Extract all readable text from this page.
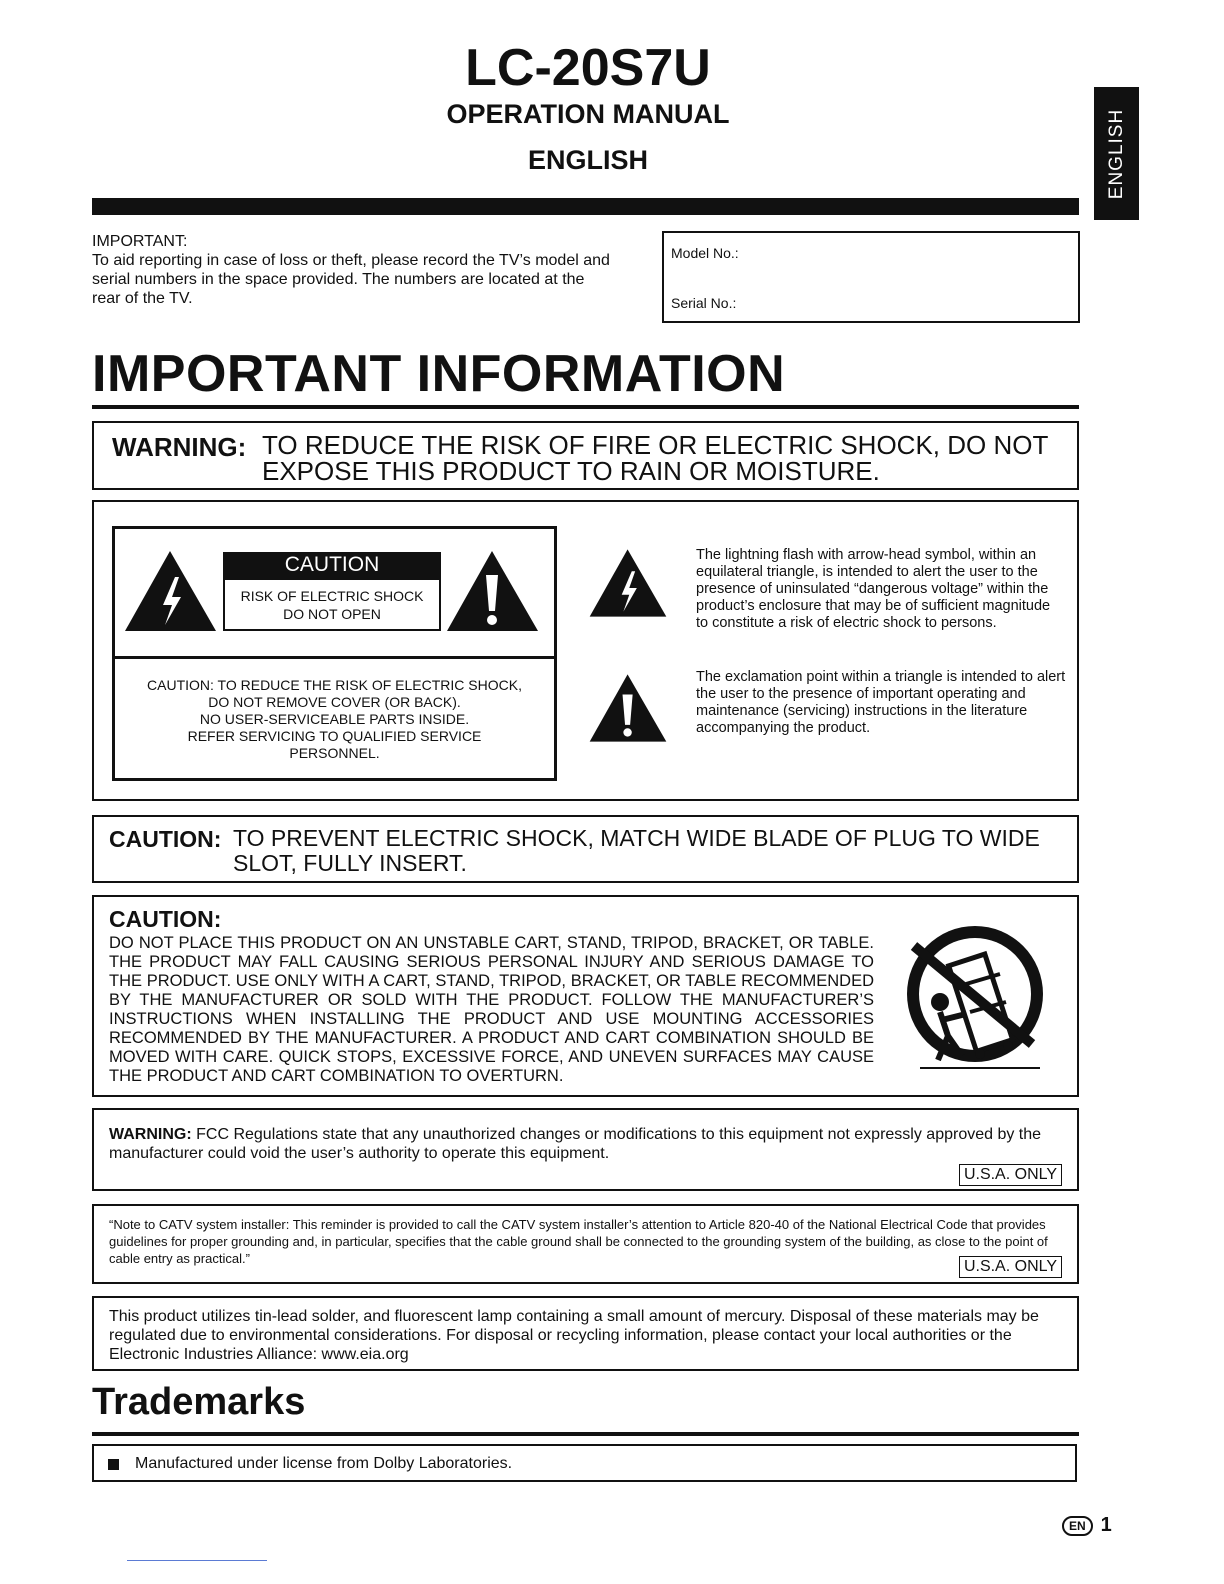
LC-20S7U
OPERATION MANUAL
ENGLISH	ENGLISH
IMPORTANT:
To aid reporting in case of loss or theft, please record the TV’s model and serial numbers in the space provided. The numbers are located at the rear of the TV.
Model No.:
Serial No.:
IMPORTANT INFORMATION
WARNING: TO REDUCE THE RISK OF FIRE OR ELECTRIC SHOCK, DO NOT EXPOSE THIS PRODUCT TO RAIN OR MOISTURE.
CAUTION
RISK OF ELECTRIC SHOCK
DO NOT OPEN
CAUTION: TO REDUCE THE RISK OF ELECTRIC SHOCK,
DO NOT REMOVE COVER (OR BACK).
NO USER-SERVICEABLE PARTS INSIDE.
REFER SERVICING TO QUALIFIED SERVICE
PERSONNEL.
The lightning flash with arrow-head symbol, within an equilateral triangle, is intended to alert the user to the presence of uninsulated “dangerous voltage” within the product’s enclosure that may be of sufficient magnitude to constitute a risk of electric shock to persons.
The exclamation point within a triangle is intended to alert the user to the presence of important operating and maintenance (servicing) instructions in the literature accompanying the product.
CAUTION: TO PREVENT ELECTRIC SHOCK, MATCH WIDE BLADE OF PLUG TO WIDE SLOT, FULLY INSERT.
CAUTION:
DO NOT PLACE THIS PRODUCT ON AN UNSTABLE CART, STAND, TRIPOD, BRACKET, OR TABLE. THE PRODUCT MAY FALL CAUSING SERIOUS PERSONAL INJURY AND SERIOUS DAMAGE TO THE PRODUCT. USE ONLY WITH A CART, STAND, TRIPOD, BRACKET, OR TABLE RECOMMENDED BY THE MANUFACTURER OR SOLD WITH THE PRODUCT. FOLLOW THE MANUFACTURER’S INSTRUCTIONS WHEN INSTALLING THE PRODUCT AND USE MOUNTING ACCESSORIES RECOMMENDED BY THE MANUFACTURER. A PRODUCT AND CART COMBINATION SHOULD BE MOVED WITH CARE. QUICK STOPS, EXCESSIVE FORCE, AND UNEVEN SURFACES MAY CAUSE THE PRODUCT AND CART COMBINATION TO OVERTURN.
WARNING: FCC Regulations state that any unauthorized changes or modifications to this equipment not expressly approved by the manufacturer could void the user’s authority to operate this equipment.
U.S.A. ONLY
“Note to CATV system installer: This reminder is provided to call the CATV system installer’s attention to Article 820-40 of the National Electrical Code that provides guidelines for proper grounding and, in particular, specifies that the cable ground shall be connected to the grounding system of the building, as close to the point of cable entry as practical.”	U.S.A. ONLY
This product utilizes tin-lead solder, and fluorescent lamp containing a small amount of mercury. Disposal of these materials may be regulated due to environmental considerations. For disposal or recycling information, please contact your local authorities or the Electronic Industries Alliance: www.eia.org
Trademarks
Manufactured under license from Dolby Laboratories.
EN 1
